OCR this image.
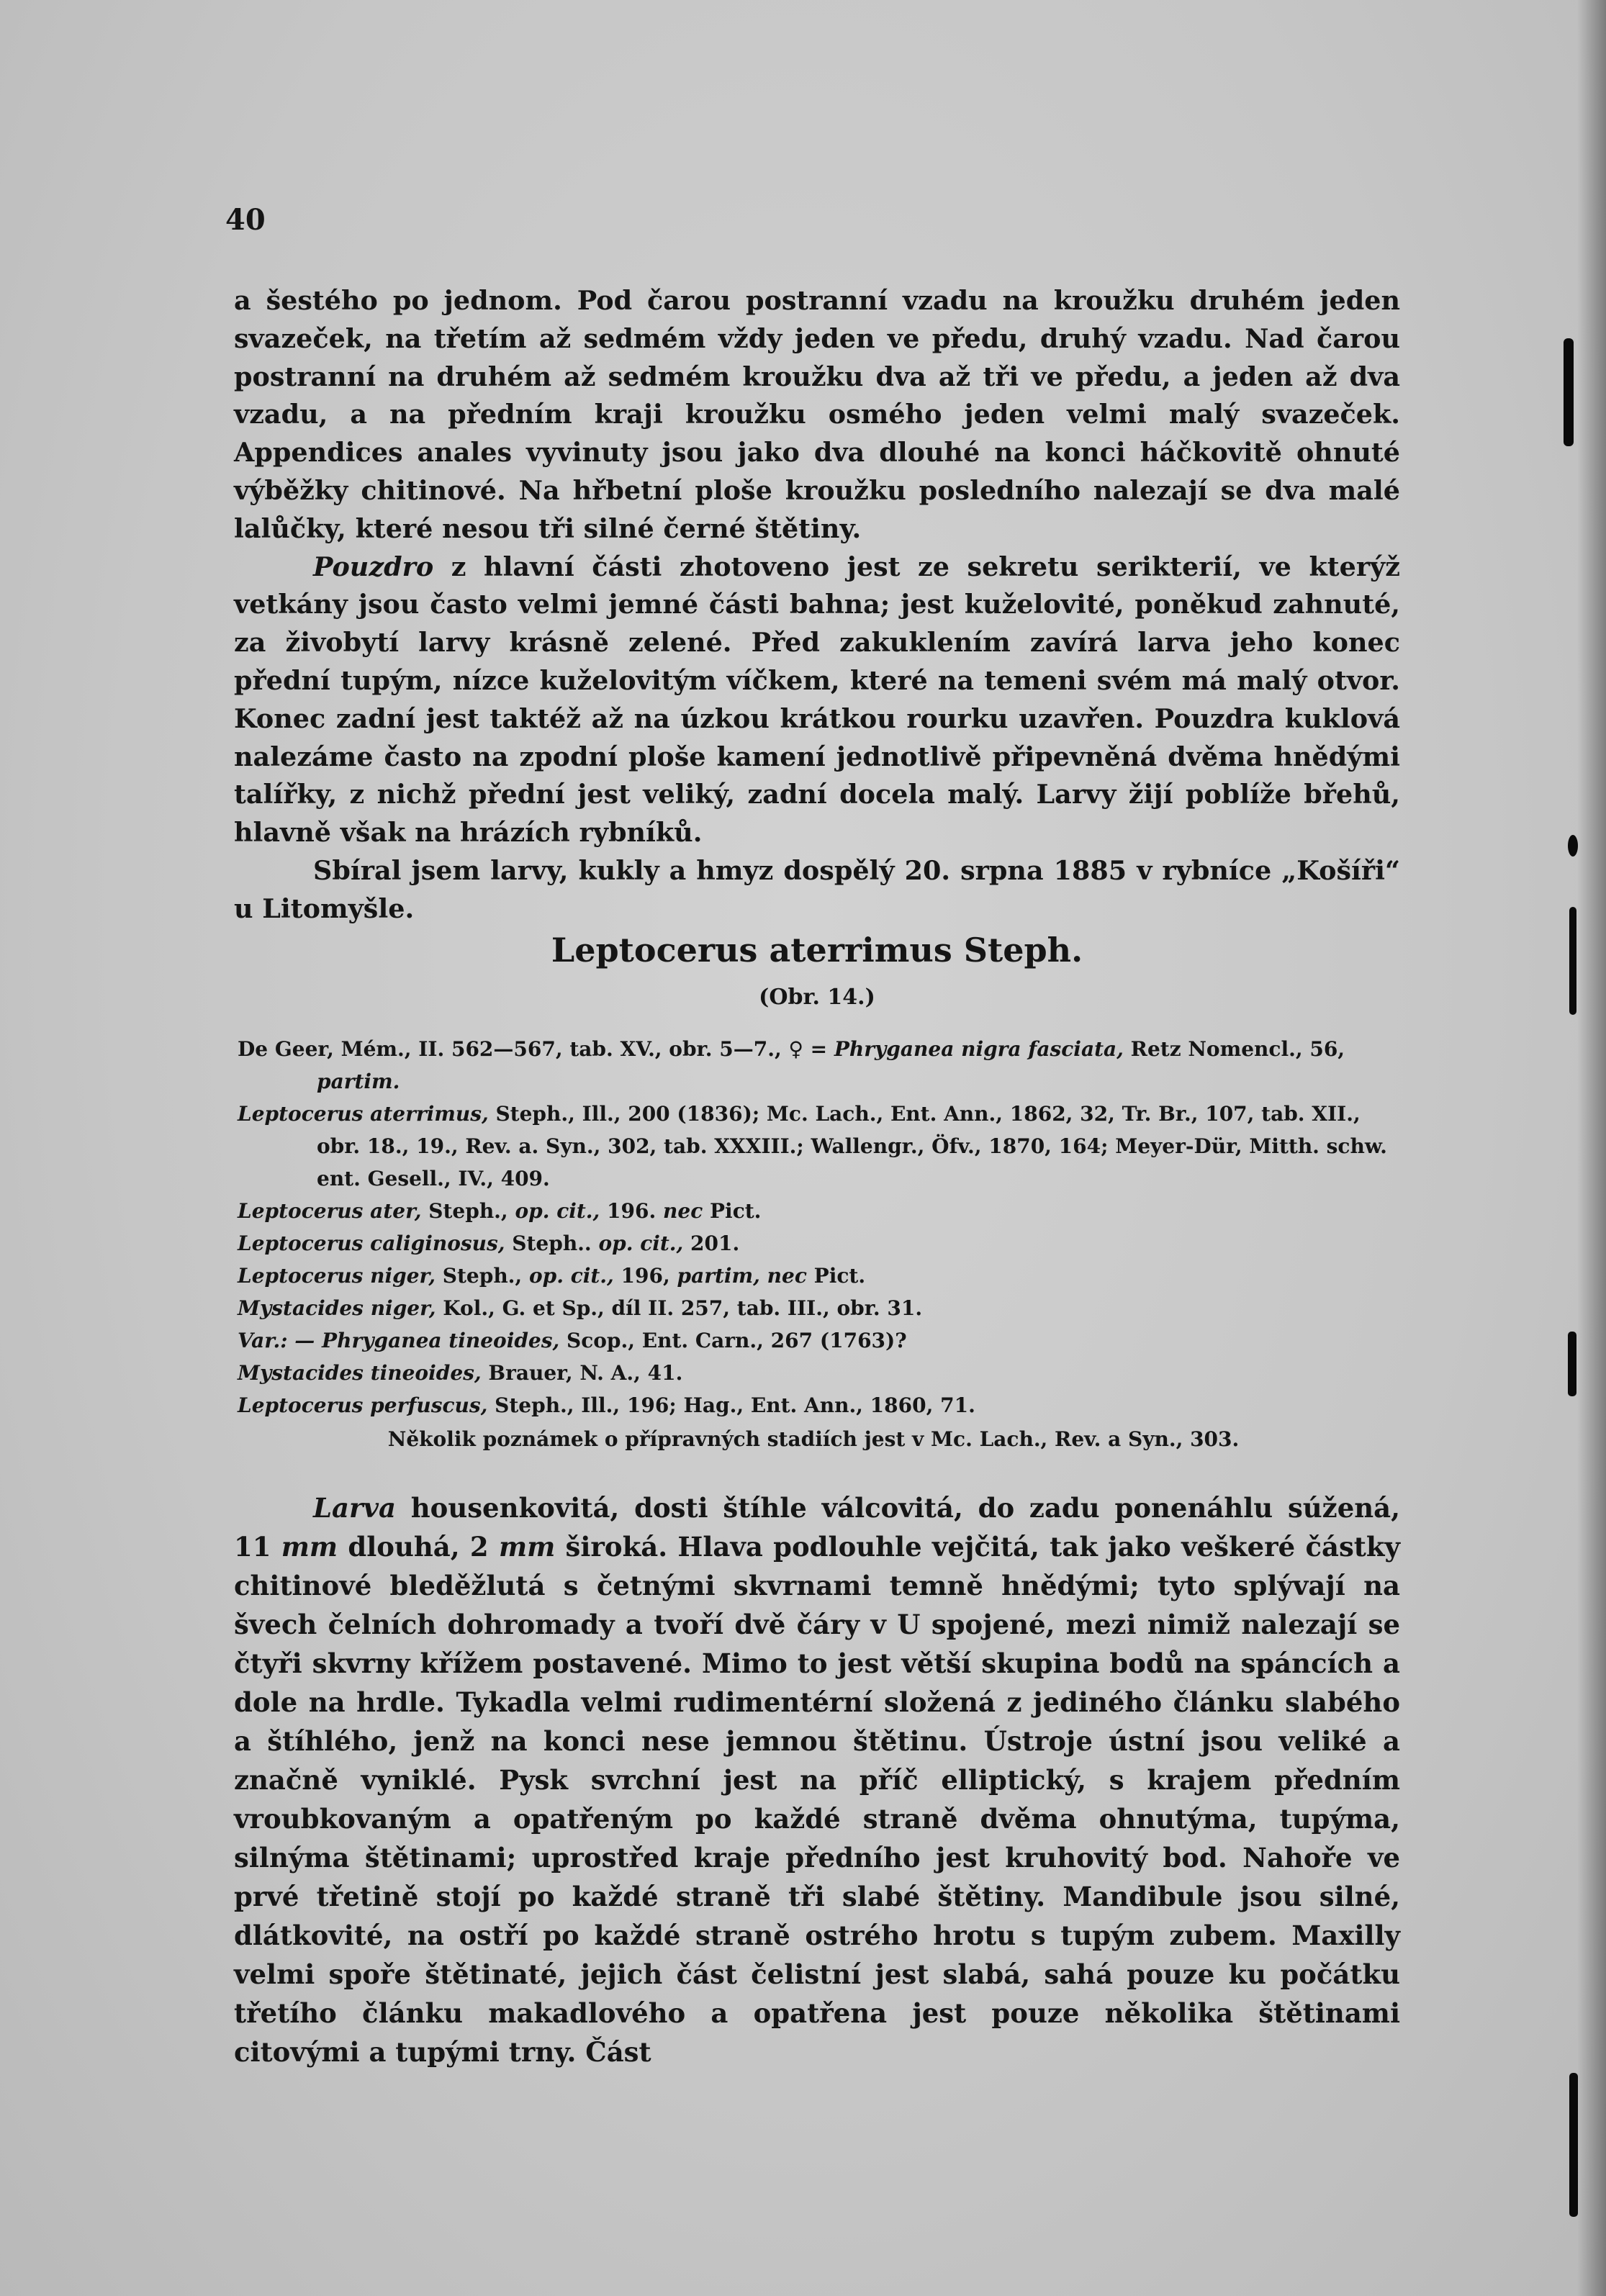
40

a šestého po jednom. Pod čarou postranní vzadu na kroužku druhém jeden svazeček, na třetím až sedmém vždy jeden ve předu, druhý vzadu. Nad čarou postranní na druhém až sedmém kroužku dva až tři ve předu, a jeden až dva vzadu, a na předním kraji kroužku osmého jeden velmi malý svazeček. Appendices anales vyvinuty jsou jako dva dlouhé na konci háčkovitě ohnuté výběžky chitinové. Na hřbetní ploše kroužku posledního nalezají se dva malé lalůčky, které nesou tři silné černé štětiny.

Pouzdro z hlavní části zhotoveno jest ze sekretu serikterií, ve kterýž vetkány jsou často velmi jemné části bahna; jest kuželovité, poněkud zahnuté, za živobytí larvy krásně zelené. Před zakuklením zavírá larva jeho konec přední tupým, nízce kuželovitým víčkem, které na temeni svém má malý otvor. Konec zadní jest taktéž až na úzkou krátkou rourku uzavřen. Pouzdra kuklová nalezáme často na zpodní ploše kamení jednotlivě připevněná dvěma hnědými talířky, z nichž přední jest veliký, zadní docela malý. Larvy žijí poblíže břehů, hlavně však na hrázích rybníků.

Sbíral jsem larvy, kukly a hmyz dospělý 20. srpna 1885 v rybníce „Košíři“ u Litomyšle.

Leptocerus aterrimus Steph.
(Obr. 14.)
De Geer, Mém., II. 562—567, tab. XV., obr. 5—7., ♀ = Phryganea nigra fasciata, Retz Nomencl., 56, partim.
Leptocerus aterrimus, Steph., Ill., 200 (1836); Mc. Lach., Ent. Ann., 1862, 32, Tr. Br., 107, tab. XII., obr. 18., 19., Rev. a. Syn., 302, tab. XXXIII.; Wallengr., Öfv., 1870, 164; Meyer-Dür, Mitth. schw. ent. Gesell., IV., 409.
Leptocerus ater, Steph., op. cit., 196. nec Pict.
Leptocerus caliginosus, Steph.. op. cit., 201.
Leptocerus niger, Steph., op. cit., 196, partim, nec Pict.
Mystacides niger, Kol., G. et Sp., díl II. 257, tab. III., obr. 31.
Var.: — Phryganea tineoides, Scop., Ent. Carn., 267 (1763)?
Mystacides tineoides, Brauer, N. A., 41.
Leptocerus perfuscus, Steph., Ill., 196; Hag., Ent. Ann., 1860, 71.
Několik poznámek o přípravných stadiích jest v Mc. Lach., Rev. a Syn., 303.

Larva housenkovitá, dosti štíhle válcovitá, do zadu ponenáhlu súžená, 11 mm dlouhá, 2 mm široká. Hlava podlouhle vejčitá, tak jako veškeré částky chitinové bleděžlutá s četnými skvrnami temně hnědými; tyto splývají na švech čelních dohromady a tvoří dvě čáry v U spojené, mezi nimiž nalezají se čtyři skvrny křížem postavené. Mimo to jest větší skupina bodů na spáncích a dole na hrdle. Tykadla velmi rudimentérní složená z jediného článku slabého a štíhlého, jenž na konci nese jemnou štětinu. Ústroje ústní jsou veliké a značně vyniklé. Pysk svrchní jest na příč elliptický, s krajem předním vroubkovaným a opatřeným po každé straně dvěma ohnutýma, tupýma, silnýma štětinami; uprostřed kraje předního jest kruhovitý bod. Nahoře ve prvé třetině stojí po každé straně tři slabé štětiny. Mandibule jsou silné, dlátkovité, na ostří po každé straně ostrého hrotu s tupým zubem. Maxilly velmi spoře štětinaté, jejich část čelistní jest slabá, sahá pouze ku počátku třetího článku makadlového a opatřena jest pouze několika štětinami citovými a tupými trny. Část
